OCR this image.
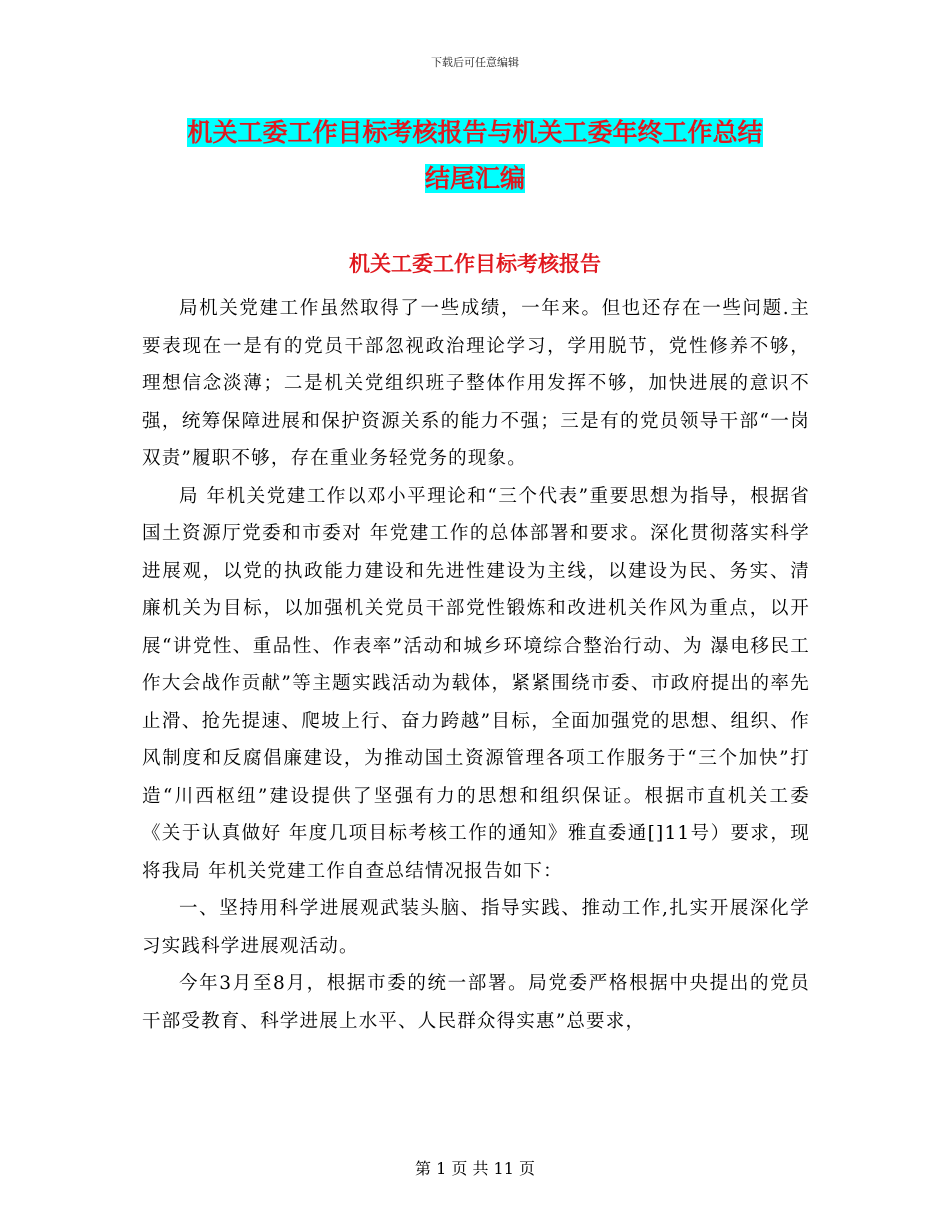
下载后可任意编辑
机关工委工作目标考核报告与机关工委年终工作总结
结尾汇编
机关工委工作目标考核报告

局机关党建工作虽然取得了一些成绩，一年来。但也还存在一些问题.主要表现在一是有的党员干部忽视政治理论学习，学用脱节，党性修养不够，理想信念淡薄；二是机关党组织班子整体作用发挥不够，加快进展的意识不强，统筹保障进展和保护资源关系的能力不强；三是有的党员领导干部“一岗双责”履职不够，存在重业务轻党务的现象。

局 年机关党建工作以邓小平理论和“三个代表”重要思想为指导，根据省国土资源厅党委和市委对 年党建工作的总体部署和要求。深化贯彻落实科学进展观，以党的执政能力建设和先进性建设为主线，以建设为民、务实、清廉机关为目标，以加强机关党员干部党性锻炼和改进机关作风为重点，以开展“讲党性、重品性、作表率”活动和城乡环境综合整治行动、为 瀑电移民工作大会战作贡献”等主题实践活动为载体，紧紧围绕市委、市政府提出的率先止滑、抢先提速、爬坡上行、奋力跨越”目标，全面加强党的思想、组织、作风制度和反腐倡廉建设，为推动国土资源管理各项工作服务于“三个加快”打造“川西枢纽”建设提供了坚强有力的思想和组织保证。根据市直机关工委《关于认真做好 年度几项目标考核工作的通知》雅直委通[]11号）要求，现将我局 年机关党建工作自查总结情况报告如下：

一、坚持用科学进展观武装头脑、指导实践、推动工作,扎实开展深化学习实践科学进展观活动。

今年3月至8月，根据市委的统一部署。局党委严格根据中央提出的党员干部受教育、科学进展上水平、人民群众得实惠”总要求，

第 1 页 共 11 页
